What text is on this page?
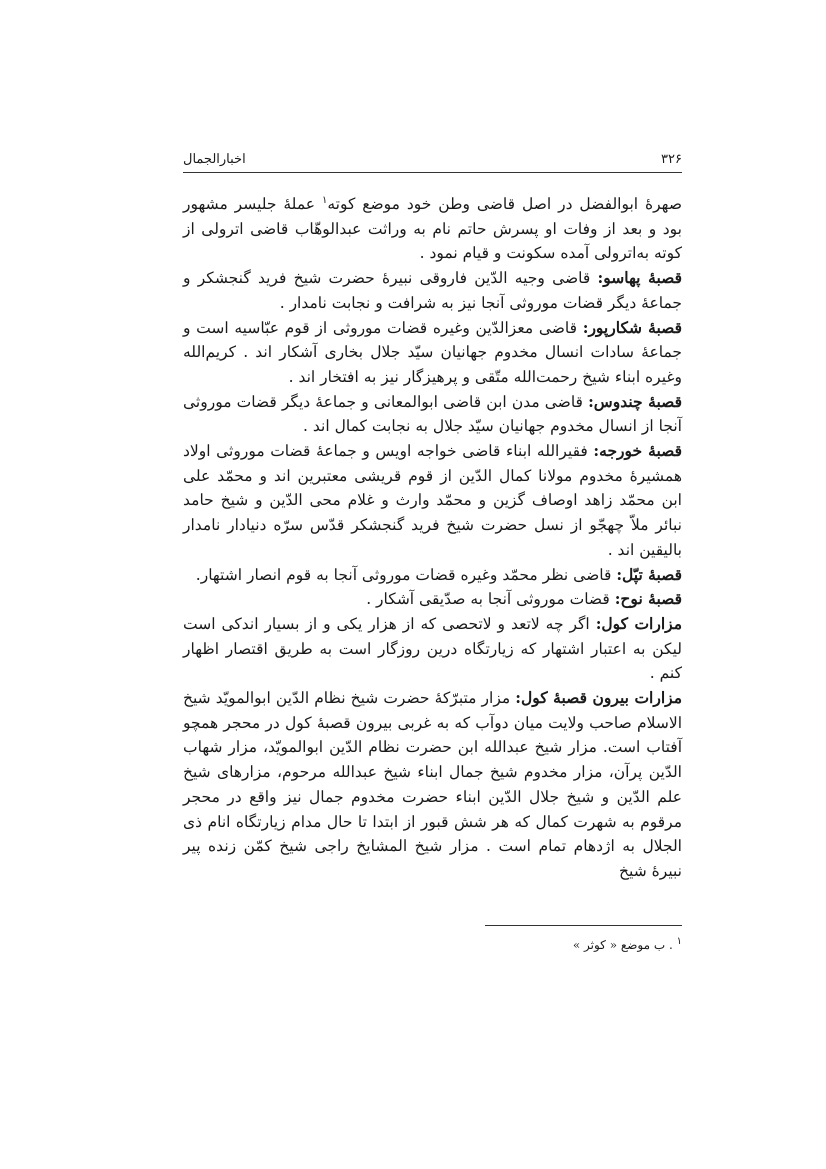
اخبارالجمال	۳۲۶

صهرۀ ابوالفضل در اصل قاضی وطن خود موضع کوته$^۱$ عملۀ جلیسر مشهور بود و بعد از وفات او پسرش حاتم نام به وراثت عبدالوهّاب قاضی اترولی از کوته به‌اترولی آمده سکونت و قیام نمود .

قصبۀ پهاسو: قاضی وجیه الدّین فاروقی نبیرۀ حضرت شیخ فرید گنجشکر و جماعۀ دیگر قضات موروثی آنجا نیز به شرافت و نجابت نامدار .

قصبۀ شکارپور: قاضی معزالدّین وغیره قضات موروثی از قوم عبّاسیه است و جماعۀ سادات انسال مخدوم جهانیان سیّد جلال بخاری آشکار اند . کریم‌الله وغیره ابناء شیخ رحمت‌الله متّقی و پرهیزگار نیز به افتخار اند .

قصبۀ چندوس: قاضی مدن ابن قاضی ابوالمعانی و جماعۀ دیگر قضات موروثی آنجا از انسال مخدوم جهانیان سیّد جلال به نجابت کمال اند .

قصبۀ خورجه: فقیرالله ابناء قاضی خواجه اویس و جماعۀ قضات موروثی اولاد همشیرۀ مخدوم مولانا کمال الدّین از قوم قریشی معتبرین اند و محمّد علی ابن محمّد زاهد اوصاف گزین و محمّد وارث و غلام محی الدّین و شیخ حامد نبائر ملاّ چهجّو از نسل حضرت شیخ فرید گنجشکر قدّس سرّه دنیادار نامدار بالیقین اند .

قصبۀ تپّل: قاضی نظر محمّد وغیره قضات موروثی آنجا به قوم انصار اشتهار.

قصبۀ نوح: قضات موروثی آنجا به صدّیقی آشکار .

مزارات کول: اگر چه لاتعد و لاتحصی که از هزار یکی و از بسیار اندکی است لیکن به اعتبار اشتهار که زیارتگاه درین روزگار است به طریق اقتصار اظهار کنم .

مزارات بیرون قصبۀ کول: مزار متبرّکۀ حضرت شیخ نظام الدّین ابوالمویّد شیخ الاسلام صاحب ولایت میان دوآب که به غربی بیرون قصبۀ کول در محجر همچو آفتاب است. مزار شیخ عبدالله ابن حضرت نظام الدّین ابوالمویّد، مزار شهاب الدّین پرآن، مزار مخدوم شیخ جمال ابناء شیخ عبدالله مرحوم، مزارهای شیخ علم الدّین و شیخ جلال الدّین ابناء حضرت مخدوم جمال نیز واقع در محجر مرقوم به شهرت کمال که هر شش قبور از ابتدا تا حال مدام زیارتگاه انام ذی الجلال به اژدهام تمام است . مزار شیخ المشایخ راجی شیخ کمّن زنده پیر نبیرۀ شیخ

$^۱$ . ب موضع « کوثر »
